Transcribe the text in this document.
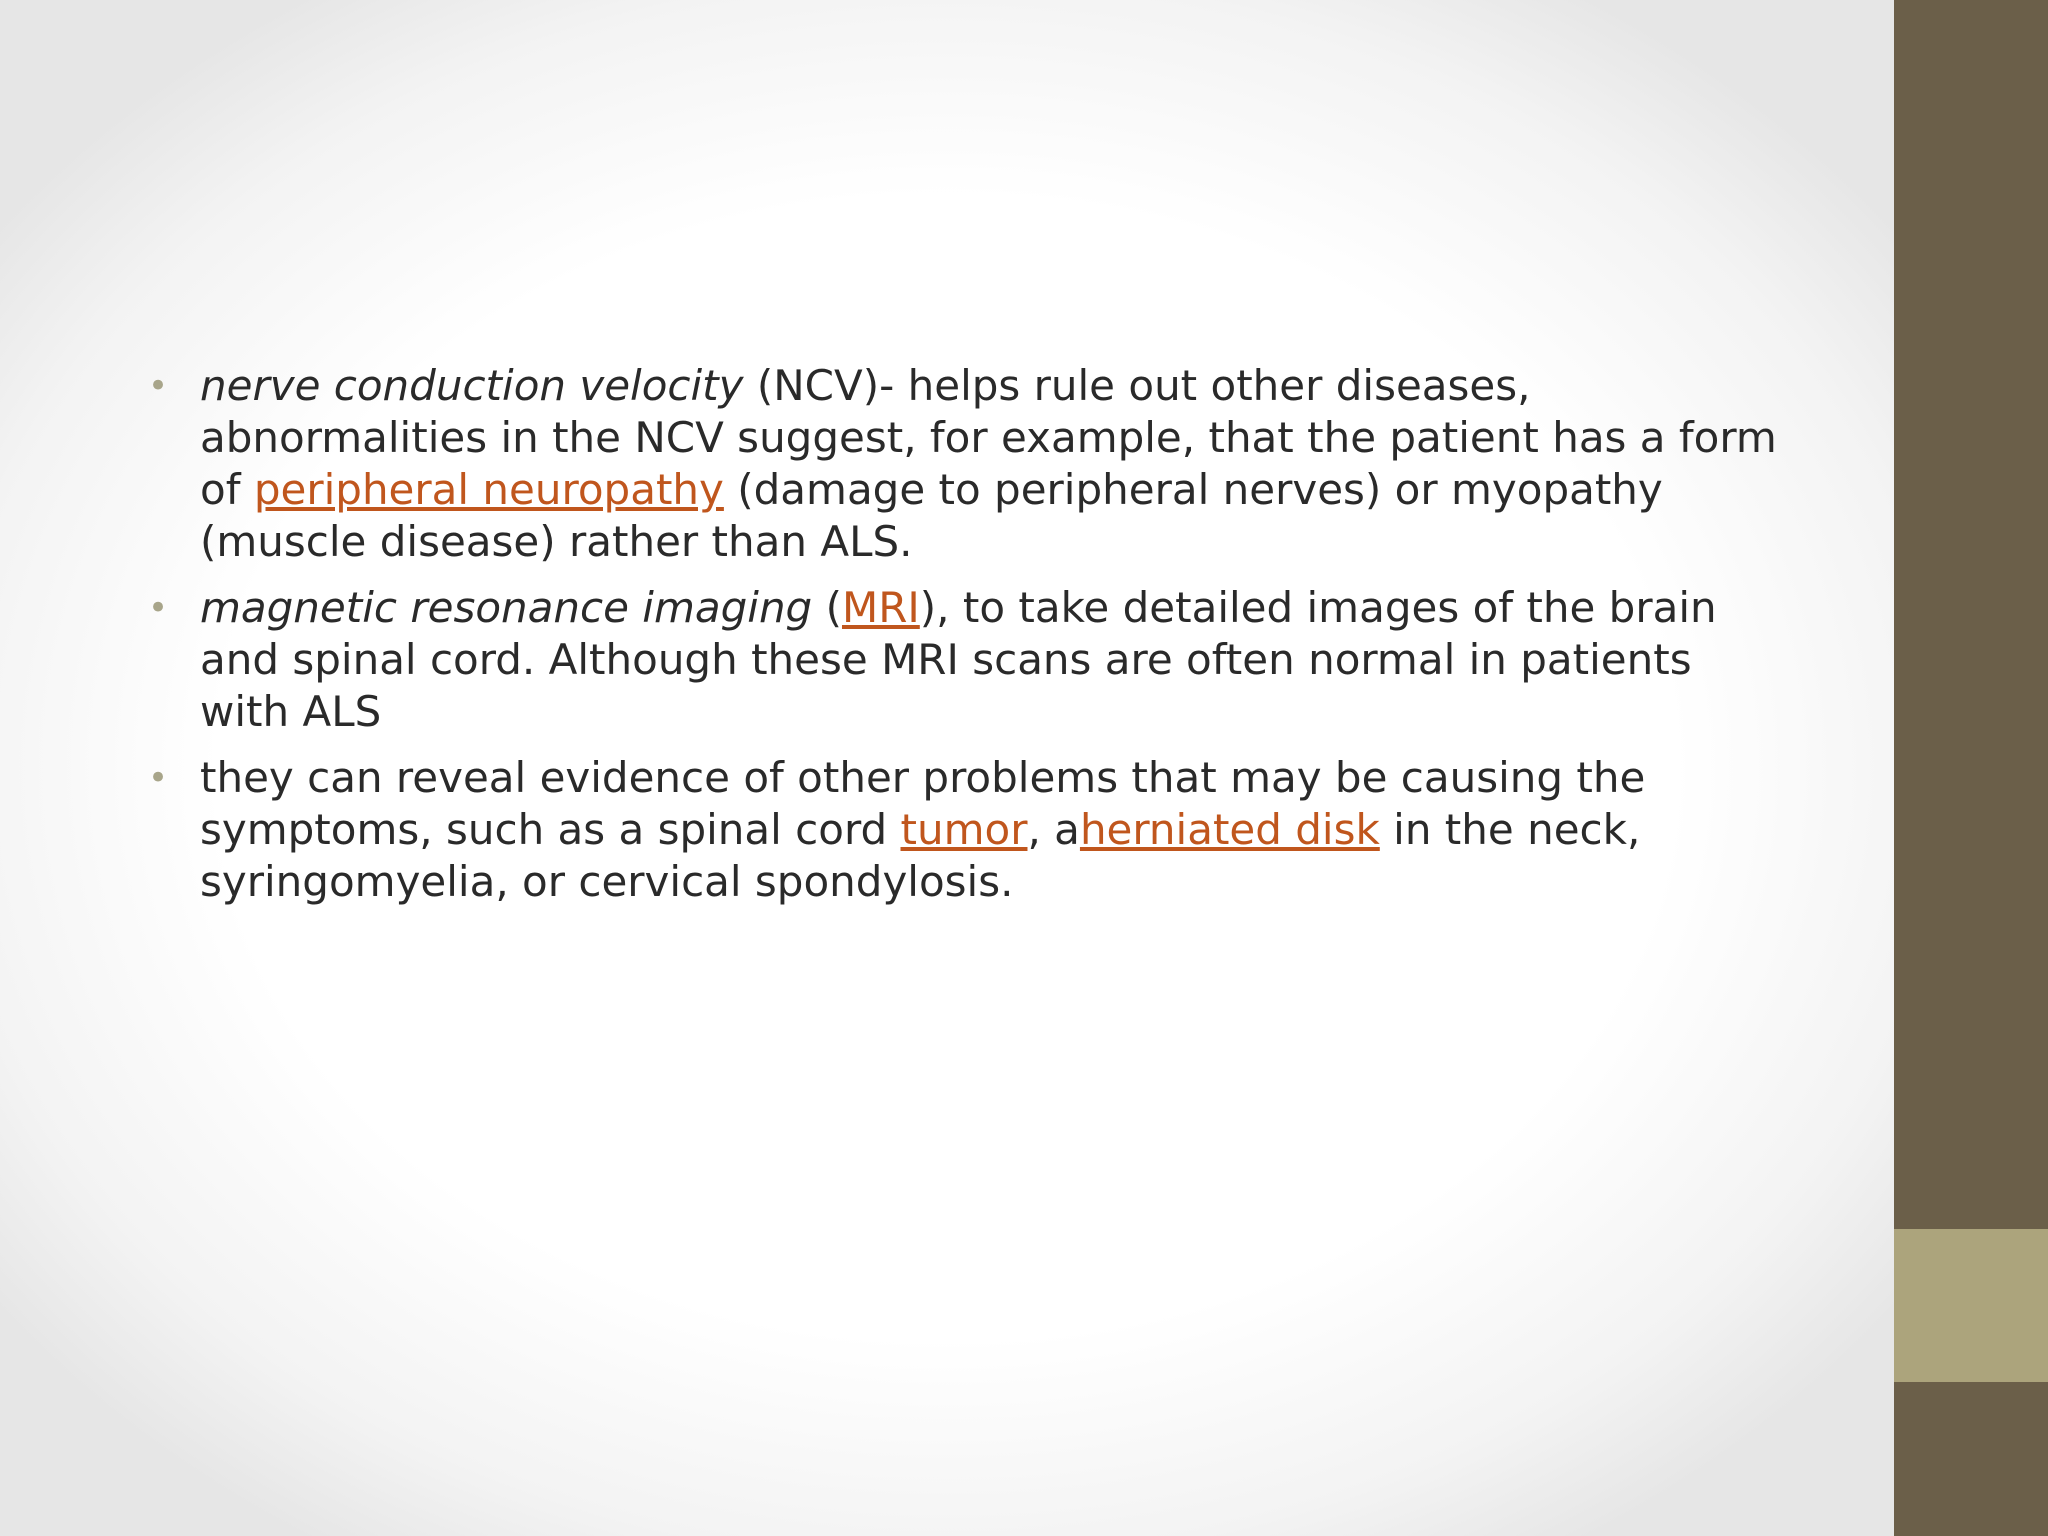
• nerve conduction velocity (NCV)- helps rule out other diseases, abnormalities in the NCV suggest, for example, that the patient has a form of peripheral neuropathy (damage to peripheral nerves) or myopathy (muscle disease) rather than ALS.
• magnetic resonance imaging (MRI), to take detailed images of the brain and spinal cord. Although these MRI scans are often normal in patients with ALS
• they can reveal evidence of other problems that may be causing the symptoms, such as a spinal cord tumor, aherniated disk in the neck, syringomyelia, or cervical spondylosis.
